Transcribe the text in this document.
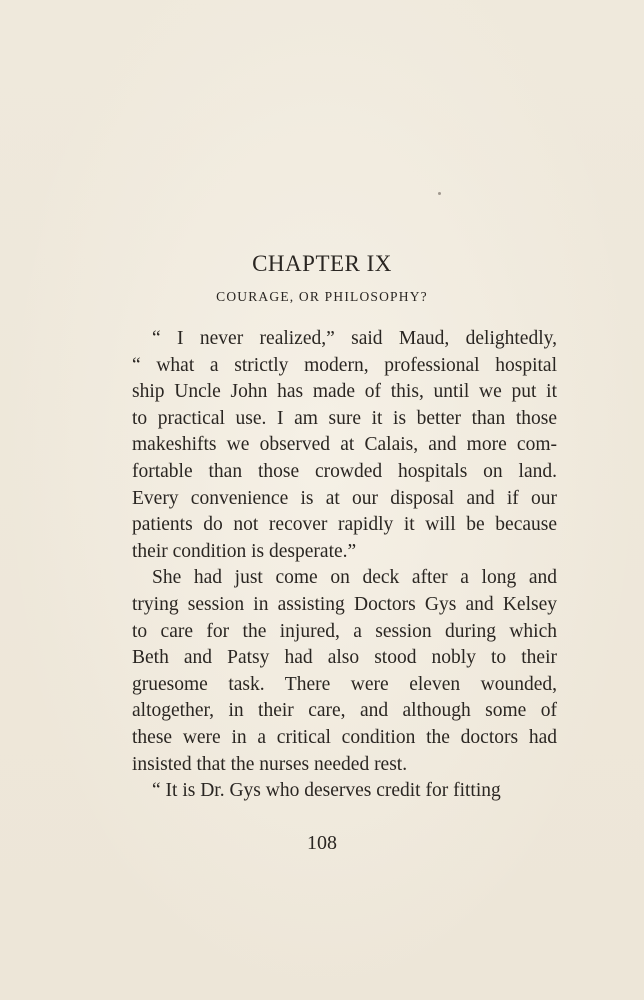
CHAPTER IX
COURAGE, OR PHILOSOPHY?

“ I never realized,” said Maud, delightedly,
“ what a strictly modern, professional hospital
ship Uncle John has made of this, until we put it
to practical use. I am sure it is better than those
makeshifts we observed at Calais, and more com-
fortable than those crowded hospitals on land.
Every convenience is at our disposal and if our
patients do not recover rapidly it will be because
their condition is desperate.”

She had just come on deck after a long and
trying session in assisting Doctors Gys and Kelsey
to care for the injured, a session during which
Beth and Patsy had also stood nobly to their
gruesome task. There were eleven wounded,
altogether, in their care, and although some of
these were in a critical condition the doctors had
insisted that the nurses needed rest.

“ It is Dr. Gys who deserves credit for fitting

108
